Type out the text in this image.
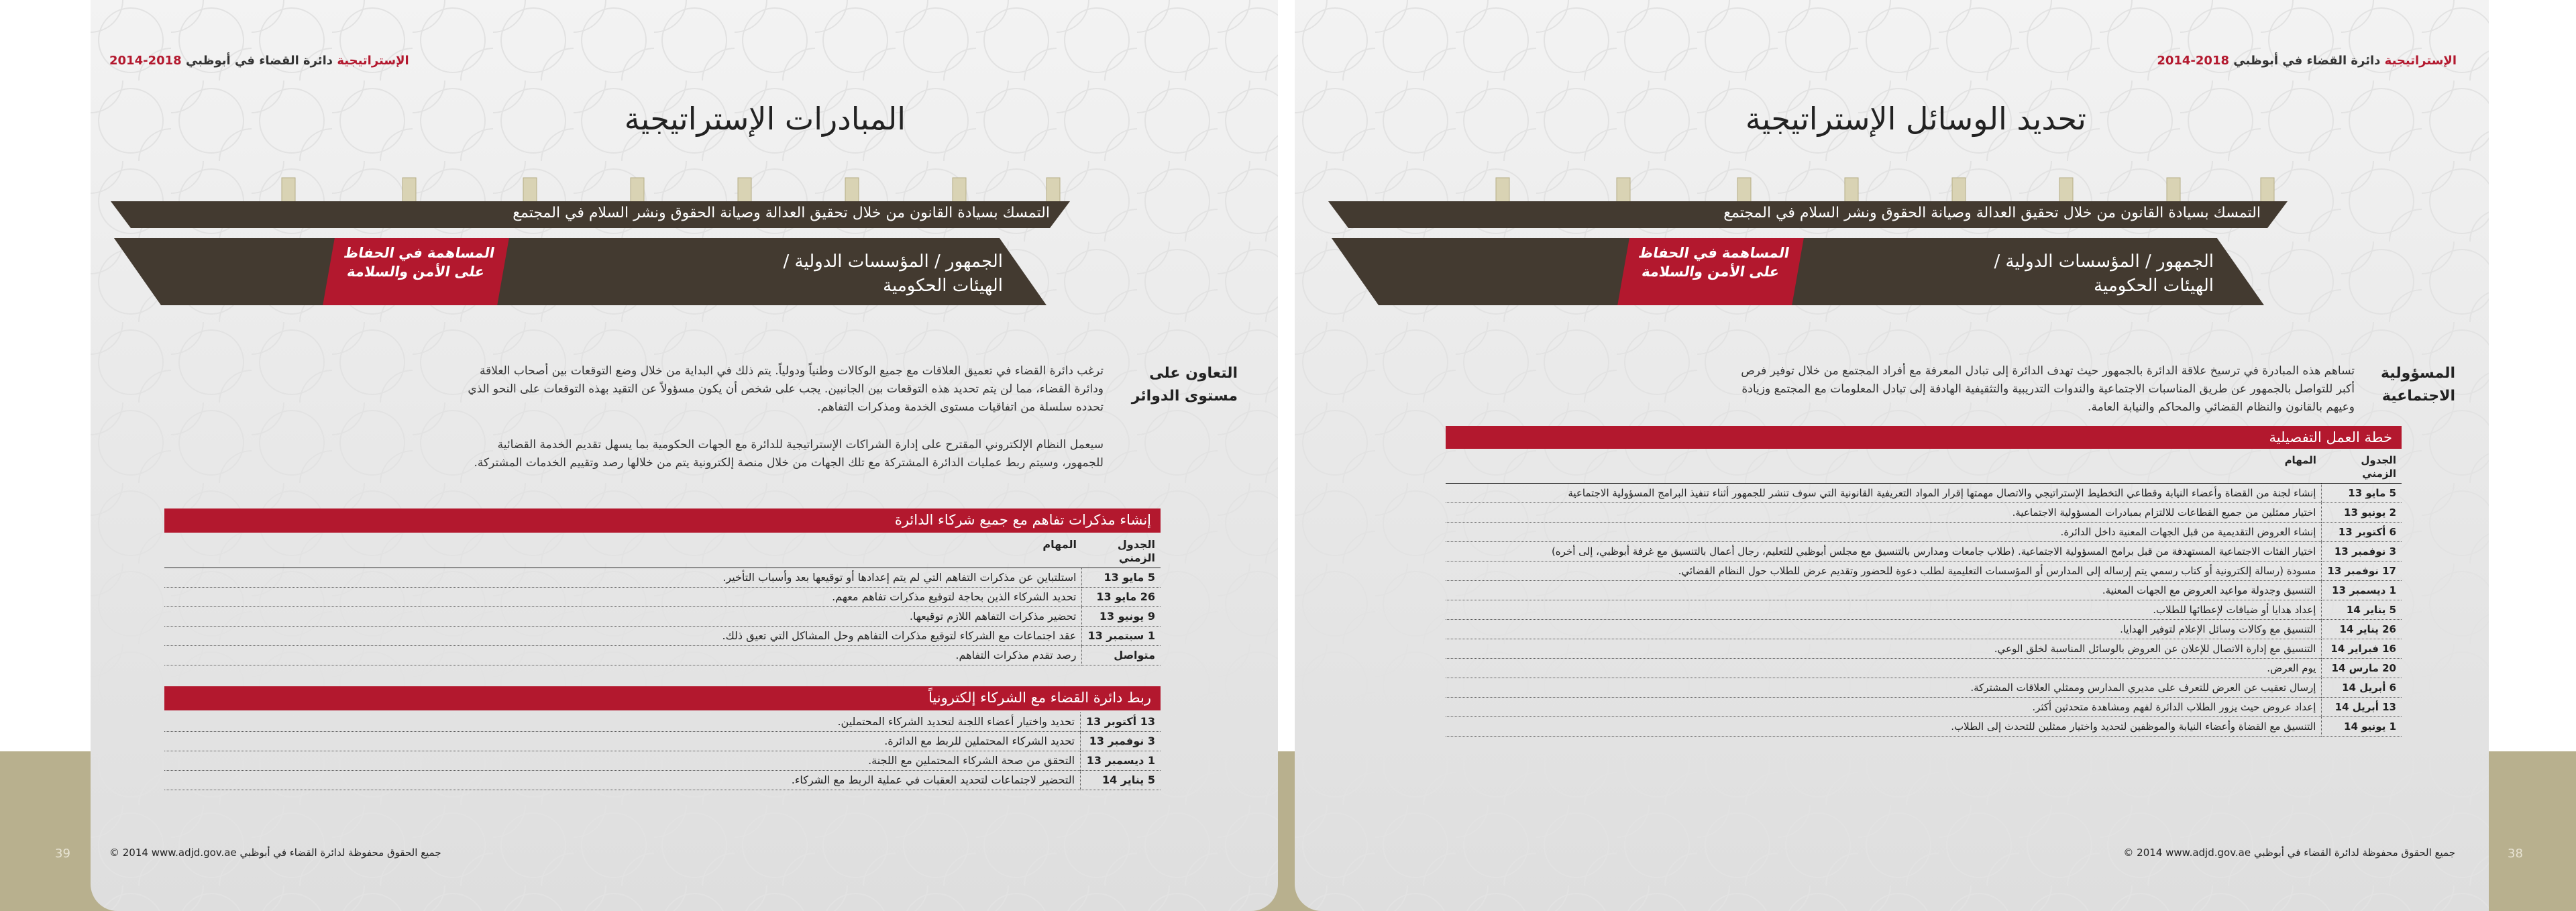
2014-2018	الإستراتيجية دائرة القضاء في أبوظبي
المبادرات الإستراتيجية
التمسك بسيادة القانون من خلال تحقيق العدالة وصيانة الحقوق ونشر السلام في المجتمع
الجمهور / المؤسسات الدولية /
الهيئات الحكومية
المساهمة في الحفاظ
على الأمن والسلامة
التعاون على
مستوى الدوائر
ترغب دائرة القضاء في تعميق العلاقات مع جميع الوكالات وطنياً ودولياً. يتم ذلك في البداية من خلال وضع التوقعات بين أصحاب العلاقة ودائرة القضاء، مما لن يتم تحديد هذه التوقعات بين الجانبين. يجب على شخص أن يكون مسؤولاً عن التقيد بهذه التوقعات على النحو الذي تحدده سلسلة من اتفاقيات مستوى الخدمة ومذكرات التفاهم.
سيعمل النظام الإلكتروني المقترح على إدارة الشراكات الإستراتيجية للدائرة مع الجهات الحكومية بما يسهل تقديم الخدمة القضائية للجمهور، وسيتم ربط عمليات الدائرة المشتركة مع تلك الجهات من خلال منصة إلكترونية يتم من خلالها رصد وتقييم الخدمات المشتركة.
إنشاء مذكرات تفاهم مع جميع شركاء الدائرة
الجدول الزمني	المهام
5 مايو 13	استلتباين عن مذكرات التفاهم التي لم يتم إعدادها أو توقيعها بعد وأسباب التأخير.
26 مايو 13	تحديد الشركاء الذين بحاجة لتوقيع مذكرات تفاهم معهم.
9 يونيو 13	تحضير مذكرات التفاهم اللازم توقيعها.
1 سبتمبر 13	عقد اجتماعات مع الشركاء لتوقيع مذكرات التفاهم وحل المشاكل التي تعيق ذلك.
متواصل	رصد تقدم مذكرات التفاهم.
ربط دائرة القضاء مع الشركاء إلكترونياً
13 أكتوبر 13	تحديد واختيار أعضاء اللجنة لتحديد الشركاء المحتملين.
3 نوفمبر 13	تحديد الشركاء المحتملين للربط مع الدائرة.
1 ديسمبر 13	التحقق من صحة الشركاء المحتملين مع اللجنة.
5 يناير 14	التحضير لاجتماعات لتحديد العقبات في عملية الربط مع الشركاء.
© 2014 www.adjd.gov.ae جميع الحقوق محفوظة لدائرة القضاء في أبوظبي
39
2014-2018	الإستراتيجية دائرة القضاء في أبوظبي
تحديد الوسائل الإستراتيجية
التمسك بسيادة القانون من خلال تحقيق العدالة وصيانة الحقوق ونشر السلام في المجتمع
الجمهور / المؤسسات الدولية /
الهيئات الحكومية
المساهمة في الحفاظ
على الأمن والسلامة
المسؤولية الاجتماعية
تساهم هذه المبادرة في ترسيخ علاقة الدائرة بالجمهور حيث تهدف الدائرة إلى تبادل المعرفة مع أفراد المجتمع من خلال توفير فرص أكبر للتواصل بالجمهور عن طريق المناسبات الاجتماعية والندوات التدريبية والتثقيفية الهادفة إلى تبادل المعلومات مع المجتمع وزيادة وعيهم بالقانون والنظام القضائي والمحاكم والنيابة العامة.
خطة العمل التفصيلية
الجدول الزمني	المهام
5 مايو 13	إنشاء لجنة من القضاة وأعضاء النيابة وقطاعي التخطيط الإستراتيجي والاتصال مهمتها إقرار المواد التعريفية القانونية التي سوف تنشر للجمهور أثناء تنفيذ البرامج المسؤولية الاجتماعية
2 يونيو 13	اختيار ممثلين من جميع القطاعات للالتزام بمبادرات المسؤولية الاجتماعية.
6 أكتوبر 13	إنشاء العروض التقديمية من قبل الجهات المعنية داخل الدائرة.
3 نوفمبر 13	اختيار الفئات الاجتماعية المستهدفة من قبل برامج المسؤولية الاجتماعية. (طلاب جامعات ومدارس بالتنسيق مع مجلس أبوظبي للتعليم، رجال أعمال بالتنسيق مع غرفة أبوظبي، إلى أخره)
17 نوفمبر 13	مسودة (رسالة إلكترونية أو كتاب رسمي يتم إرساله إلى المدارس أو المؤسسات التعليمية لطلب دعوة للحضور وتقديم عرض للطلاب حول النظام القضائي.
1 ديسمبر 13	التنسيق وجدولة مواعيد العروض مع الجهات المعنية.
5 يناير 14	إعداد هدايا أو ضيافات لإعطائها للطلاب.
26 يناير 14	التنسيق مع وكالات وسائل الإعلام لتوفير الهدايا.
16 فبراير 14	التنسيق مع إدارة الاتصال للإعلان عن العروض بالوسائل المناسبة لخلق الوعي.
20 مارس 14	يوم العرض.
6 أبريل 14	إرسال تعقيب عن العرض للتعرف على مديري المدارس وممثلي العلاقات المشتركة.
13 أبريل 14	إعداد عروض حيث يزور الطلاب الدائرة لفهم ومشاهدة متحدثين أكثر.
1 يونيو 14	التنسيق مع القضاة وأعضاء النيابة والموظفين لتحديد واختيار ممثلين للتحدث إلى الطلاب.
© 2014 www.adjd.gov.ae جميع الحقوق محفوظة لدائرة القضاء في أبوظبي	38
